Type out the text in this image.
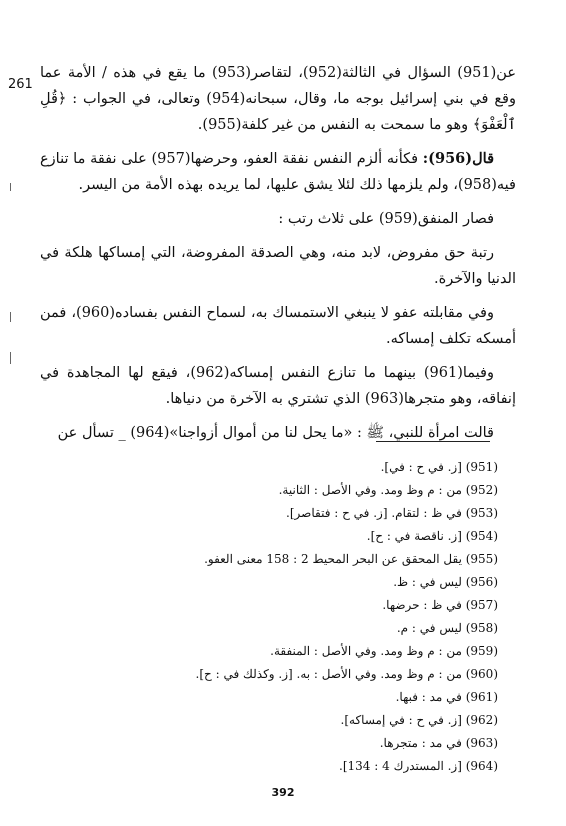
261

عن(951) السؤال في الثالثة(952)، لتقاصر(953) ما يقع في هذه / الأمة عما وقع في بني إسرائيل بوجه ما، وقال، سبحانه(954) وتعالى، في الجواب : ﴿قُلِ ٱلْعَفْوَ﴾ وهو ما سمحت به النفس من غير كلفة(955).

قال(956): فكأنه ألزم النفس نفقة العفو، وحرضها(957) على نفقة ما تنازع فيه(958)، ولم يلزمها ذلك لئلا يشق عليها، لما يريده بهذه الأمة من اليسر.

فصار المنفق(959) على ثلاث رتب :

رتبة حق مفروض، لابد منه، وهي الصدقة المفروضة، التي إمساكها هلكة في الدنيا والآخرة.

وفي مقابلته عفو لا ينبغي الاستمساك به، لسماح النفس بفساده(960)، فمن أمسكه تكلف إمساكه.

وفيما(961) بينهما ما تنازع النفس إمساكه(962)، فيقع لها المجاهدة في إنفاقه، وهو متجرها(963) الذي تشتري به الآخرة من دنياها.

قالت امرأة للنبي، ﷺ : «ما يحل لنا من أموال أزواجنا»(964) _ تسأل عن

(951) [ز. في ح : في].
(952) من : م وظ ومد. وفي الأصل : الثانية.
(953) في ظ : لتقام. [ز. في ح : فتقاصر].
(954) [ز. ناقصة في : ح].
(955) يقل المحقق عن البحر المحيط 2 : 158 معنى العفو.
(956) ليس في : ظ.
(957) في ظ : حرضها.
(958) ليس في : م.
(959) من : م وظ ومد. وفي الأصل : المنفقة.
(960) من : م وظ ومد. وفي الأصل : به. [ز. وكذلك في : ح].
(961) في مد : فبها.
(962) [ز. في ح : في إمساكه].
(963) في مد : متجرها.
(964) [ز. المستدرك 4 : 134].
392
